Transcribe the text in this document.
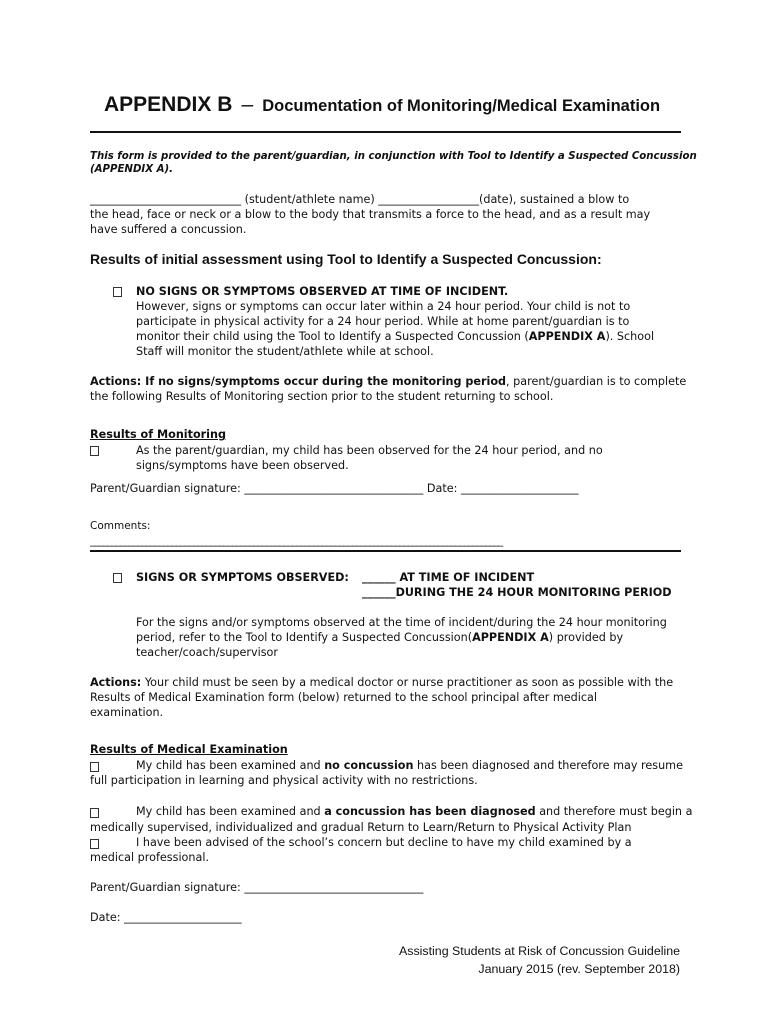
APPENDIX B – Documentation of Monitoring/Medical Examination
This form is provided to the parent/guardian, in conjunction with Tool to Identify a Suspected Concussion
(APPENDIX A).
___________________________ (student/athlete name) __________________(date), sustained a blow to
the head, face or neck or a blow to the body that transmits a force to the head, and as a result may
have suffered a concussion.
Results of initial assessment using Tool to Identify a Suspected Concussion:
NO SIGNS OR SYMPTOMS OBSERVED AT TIME OF INCIDENT.
However, signs or symptoms can occur later within a 24 hour period. Your child is not to
participate in physical activity for a 24 hour period. While at home parent/guardian is to
monitor their child using the Tool to Identify a Suspected Concussion (APPENDIX A). School
Staff will monitor the student/athlete while at school.
Actions: If no signs/symptoms occur during the monitoring period, parent/guardian is to complete
the following Results of Monitoring section prior to the student returning to school.
Results of Monitoring
As the parent/guardian, my child has been observed for the 24 hour period, and no
signs/symptoms have been observed.
Parent/Guardian signature: ________________________________ Date: _____________________
Comments:
________________________________________________________________________________________________
SIGNS OR SYMPTOMS OBSERVED: ______ AT TIME OF INCIDENT
______DURING THE 24 HOUR MONITORING PERIOD
For the signs and/or symptoms observed at the time of incident/during the 24 hour monitoring
period, refer to the Tool to Identify a Suspected Concussion(APPENDIX A) provided by
teacher/coach/supervisor
Actions: Your child must be seen by a medical doctor or nurse practitioner as soon as possible with the
Results of Medical Examination form (below) returned to the school principal after medical
examination.
Results of Medical Examination
My child has been examined and no concussion has been diagnosed and therefore may resume
full participation in learning and physical activity with no restrictions.
My child has been examined and a concussion has been diagnosed and therefore must begin a
medically supervised, individualized and gradual Return to Learn/Return to Physical Activity Plan
I have been advised of the school’s concern but decline to have my child examined by a
medical professional.
Parent/Guardian signature: ________________________________
Date: _____________________
Assisting Students at Risk of Concussion Guideline
January 2015 (rev. September 2018)
